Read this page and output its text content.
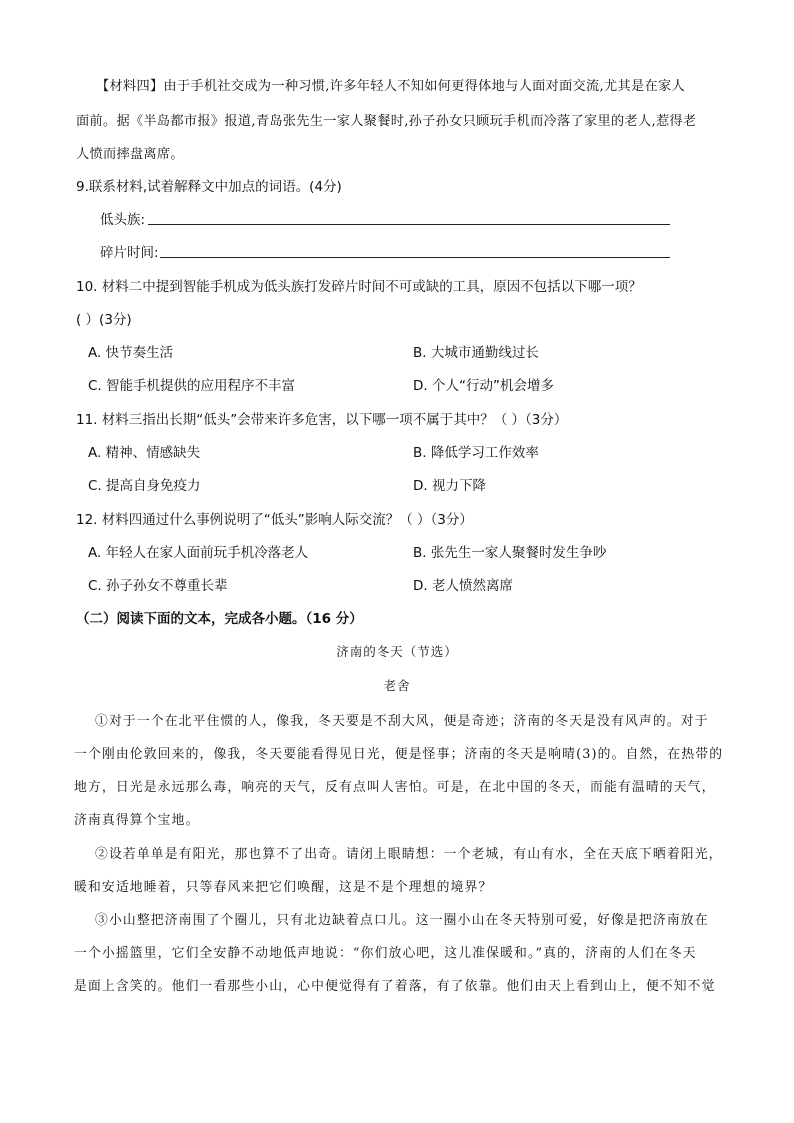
【材料四】由于手机社交成为一种习惯,许多年轻人不知如何更得体地与人面对面交流,尤其是在家人
面前。据《半岛都市报》报道,青岛张先生一家人聚餐时,孙子孙女只顾玩手机而冷落了家里的老人,惹得老
人愤而摔盘离席。
9.联系材料,试着解释文中加点的词语。(4分)
低头族:
碎片时间:
10. 材料二中提到智能手机成为低头族打发碎片时间不可或缺的工具，原因不包括以下哪一项？
( ）(3分)
A. 快节奏生活	B. 大城市通勤线过长
C. 智能手机提供的应用程序不丰富	D. 个人“行动”机会增多
11. 材料三指出长期“低头”会带来许多危害，以下哪一项不属于其中？（ ）（3分）
A. 精神、情感缺失	B. 降低学习工作效率
C. 提高自身免疫力	D. 视力下降
12. 材料四通过什么事例说明了“低头”影响人际交流？（ ）（3分）
A. 年轻人在家人面前玩手机冷落老人	B. 张先生一家人聚餐时发生争吵
C. 孙子孙女不尊重长辈	D. 老人愤然离席
（二）阅读下面的文本，完成各小题。（16 分）
济南的冬天（节选）
老舍
①对于一个在北平住惯的人，像我，冬天要是不刮大风，便是奇迹；济南的冬天是没有风声的。对于
一个刚由伦敦回来的，像我，冬天要能看得见日光，便是怪事；济南的冬天是响晴(3)的。自然，在热带的
地方，日光是永远那么毒，响亮的天气，反有点叫人害怕。可是，在北中国的冬天，而能有温晴的天气，
济南真得算个宝地。
②设若单单是有阳光，那也算不了出奇。请闭上眼睛想：一个老城，有山有水，全在天底下晒着阳光，
暖和安适地睡着，只等春风来把它们唤醒，这是不是个理想的境界？
③小山整把济南围了个圈儿，只有北边缺着点口儿。这一圈小山在冬天特别可爱，好像是把济南放在
一个小摇篮里，它们全安静不动地低声地说：“你们放心吧，这儿准保暖和。”真的，济南的人们在冬天
是面上含笑的。他们一看那些小山，心中便觉得有了着落，有了依靠。他们由天上看到山上，便不知不觉
